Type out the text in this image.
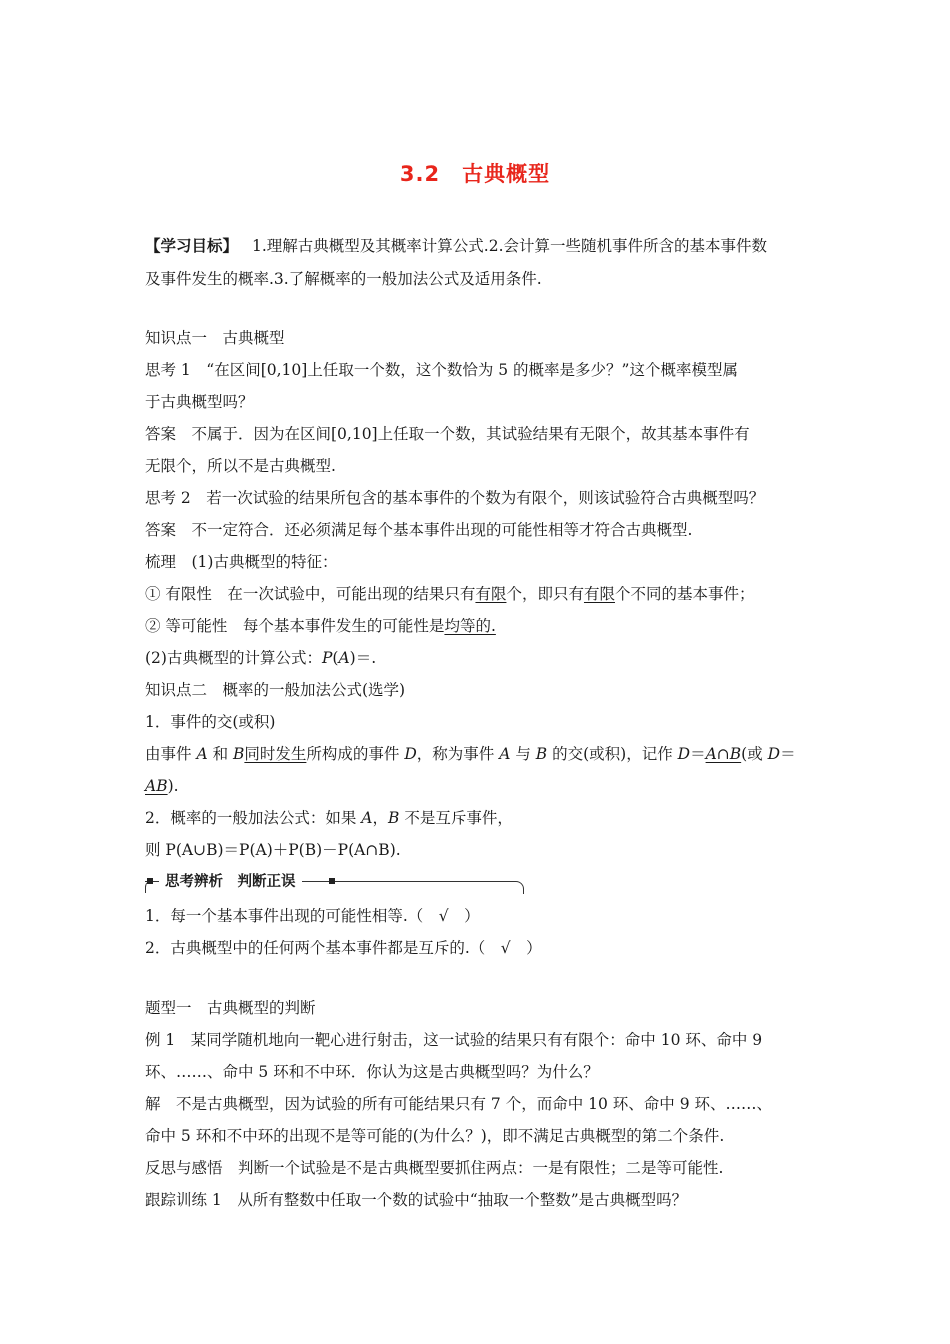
3.2 古典概型
【学习目标】 1.理解古典概型及其概率计算公式.2.会计算一些随机事件所含的基本事件数
及事件发生的概率.3.了解概率的一般加法公式及适用条件.
知识点一　古典概型
思考 1　“在区间[0,10]上任取一个数，这个数恰为 5 的概率是多少？”这个概率模型属
于古典概型吗？
答案　不属于．因为在区间[0,10]上任取一个数，其试验结果有无限个，故其基本事件有
无限个，所以不是古典概型.
思考 2　若一次试验的结果所包含的基本事件的个数为有限个，则该试验符合古典概型吗？
答案　不一定符合．还必须满足每个基本事件出现的可能性相等才符合古典概型.
梳理　(1)古典概型的特征：
① 有限性　在一次试验中，可能出现的结果只有有限个，即只有有限个不同的基本事件；
② 等可能性　每个基本事件发生的可能性是均等的.
(2)古典概型的计算公式：P(A)＝.
知识点二　概率的一般加法公式(选学)
1．事件的交(或积)
由事件 A 和 B同时发生所构成的事件 D，称为事件 A 与 B 的交(或积)，记作 D＝A∩B(或 D＝
AB).
2．概率的一般加法公式：如果 A，B 不是互斥事件，
则 P(A∪B)＝P(A)＋P(B)－P(A∩B).
思考辨析　判断正误
1．每一个基本事件出现的可能性相等.（　√　）
2．古典概型中的任何两个基本事件都是互斥的.（　√　）
题型一　古典概型的判断
例 1　某同学随机地向一靶心进行射击，这一试验的结果只有有限个：命中 10 环、命中 9
环、……、命中 5 环和不中环．你认为这是古典概型吗？为什么？
解　不是古典概型，因为试验的所有可能结果只有 7 个，而命中 10 环、命中 9 环、……、
命中 5 环和不中环的出现不是等可能的(为什么？)，即不满足古典概型的第二个条件.
反思与感悟　判断一个试验是不是古典概型要抓住两点：一是有限性；二是等可能性.
跟踪训练 1　从所有整数中任取一个数的试验中“抽取一个整数”是古典概型吗？
